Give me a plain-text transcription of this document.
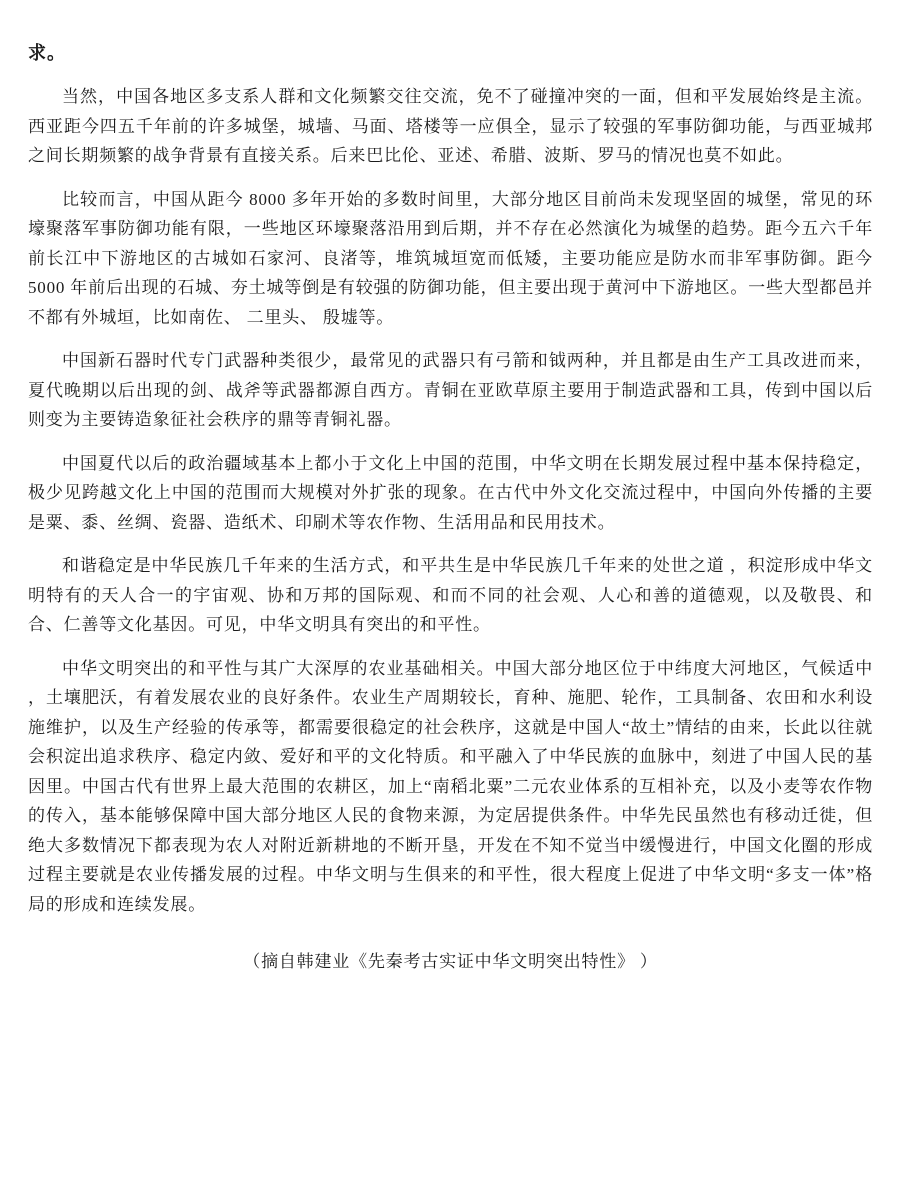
求。

当然，中国各地区多支系人群和文化频繁交往交流，免不了碰撞冲突的一面，但和平发展始终是主流。西亚距今四五千年前的许多城堡，城墙、马面、塔楼等一应俱全，显示了较强的军事防御功能，与西亚城邦之间长期频繁的战争背景有直接关系。后来巴比伦、亚述、希腊、波斯、罗马的情况也莫不如此。

比较而言，中国从距今 8000 多年开始的多数时间里，大部分地区目前尚未发现坚固的城堡，常见的环壕聚落军事防御功能有限，一些地区环壕聚落沿用到后期，并不存在必然演化为城堡的趋势。距今五六千年前长江中下游地区的古城如石家河、良渚等，堆筑城垣宽而低矮，主要功能应是防水而非军事防御。距今 5000 年前后出现的石城、夯土城等倒是有较强的防御功能，但主要出现于黄河中下游地区。一些大型都邑并不都有外城垣，比如南佐、 二里头、 殷墟等。

中国新石器时代专门武器种类很少，最常见的武器只有弓箭和钺两种，并且都是由生产工具改进而来，夏代晚期以后出现的剑、战斧等武器都源自西方。青铜在亚欧草原主要用于制造武器和工具，传到中国以后则变为主要铸造象征社会秩序的鼎等青铜礼器。

中国夏代以后的政治疆域基本上都小于文化上中国的范围，中华文明在长期发展过程中基本保持稳定，极少见跨越文化上中国的范围而大规模对外扩张的现象。在古代中外文化交流过程中，中国向外传播的主要是粟、黍、丝绸、瓷器、造纸术、印刷术等农作物、生活用品和民用技术。

和谐稳定是中华民族几千年来的生活方式，和平共生是中华民族几千年来的处世之道 ，积淀形成中华文明特有的天人合一的宇宙观、协和万邦的国际观、和而不同的社会观、人心和善的道德观，以及敬畏、和合、仁善等文化基因。可见，中华文明具有突出的和平性。

中华文明突出的和平性与其广大深厚的农业基础相关。中国大部分地区位于中纬度大河地区，气候适中 ，土壤肥沃，有着发展农业的良好条件。农业生产周期较长，育种、施肥、轮作，工具制备、农田和水利设施维护，以及生产经验的传承等，都需要很稳定的社会秩序，这就是中国人“故土”情结的由来，长此以往就会积淀出追求秩序、稳定内敛、爱好和平的文化特质。和平融入了中华民族的血脉中，刻进了中国人民的基因里。中国古代有世界上最大范围的农耕区，加上“南稻北粟”二元农业体系的互相补充，以及小麦等农作物的传入，基本能够保障中国大部分地区人民的食物来源，为定居提供条件。中华先民虽然也有移动迁徙，但绝大多数情况下都表现为农人对附近新耕地的不断开垦，开发在不知不觉当中缓慢进行，中国文化圈的形成过程主要就是农业传播发展的过程。中华文明与生俱来的和平性，很大程度上促进了中华文明“多支一体”格局的形成和连续发展。

（摘自韩建业《先秦考古实证中华文明突出特性》 ）
